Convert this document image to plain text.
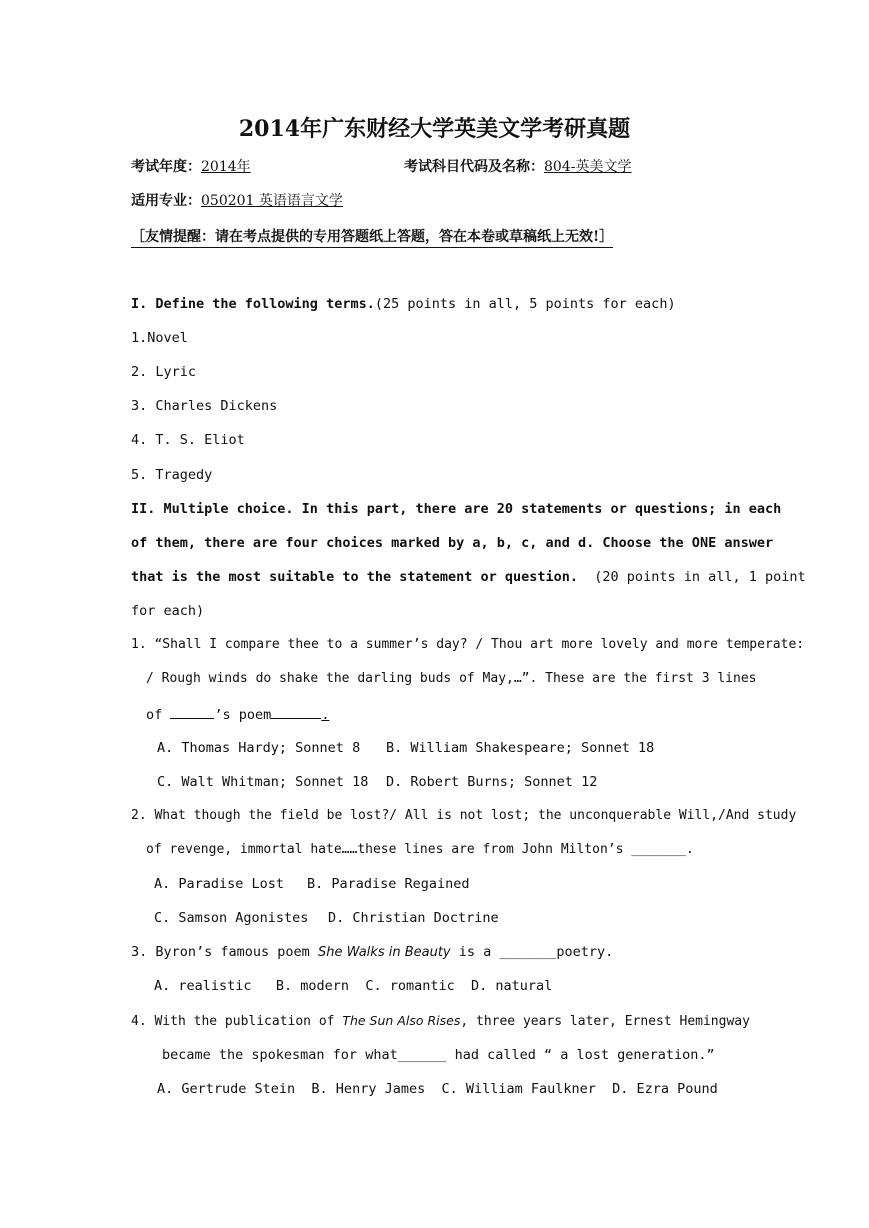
2014年广东财经大学英美文学考研真题
考试年度：2014年	考试科目代码及名称：804-英美文学
适用专业：050201 英语语言文学
［友情提醒：请在考点提供的专用答题纸上答题，答在本卷或草稿纸上无效!］
I. Define the following terms.(25 points in all, 5 points for each)
1.Novel
2. Lyric
3. Charles Dickens
4. T. S. Eliot
5. Tragedy
II. Multiple choice. In this part, there are 20 statements or questions; in each
of them, there are four choices marked by a, b, c, and d. Choose the ONE answer
that is the most suitable to the statement or question. (20 points in all, 1 point
for each)
1. “Shall I compare thee to a summer’s day? / Thou art more lovely and more temperate:
/ Rough winds do shake the darling buds of May,…”. These are the first 3 lines
of	’s poem	.
A. Thomas Hardy; Sonnet 8 B. William Shakespeare; Sonnet 18
C. Walt Whitman; Sonnet 18 D. Robert Burns; Sonnet 12
2. What though the field be lost?/ All is not lost; the unconquerable Will,/And study
of revenge, immortal hate……these lines are from John Milton’s _______.
A. Paradise Lost B. Paradise Regained
C. Samson Agonistes D. Christian Doctrine
3. Byron’s famous poem She Walks in Beauty is a _______poetry.
A. realistic   B. modern  C. romantic  D. natural
4. With the publication of The Sun Also Rises, three years later, Ernest Hemingway
became the spokesman for what______ had called “ a lost generation.”
A. Gertrude Stein  B. Henry James  C. William Faulkner  D. Ezra Pound
